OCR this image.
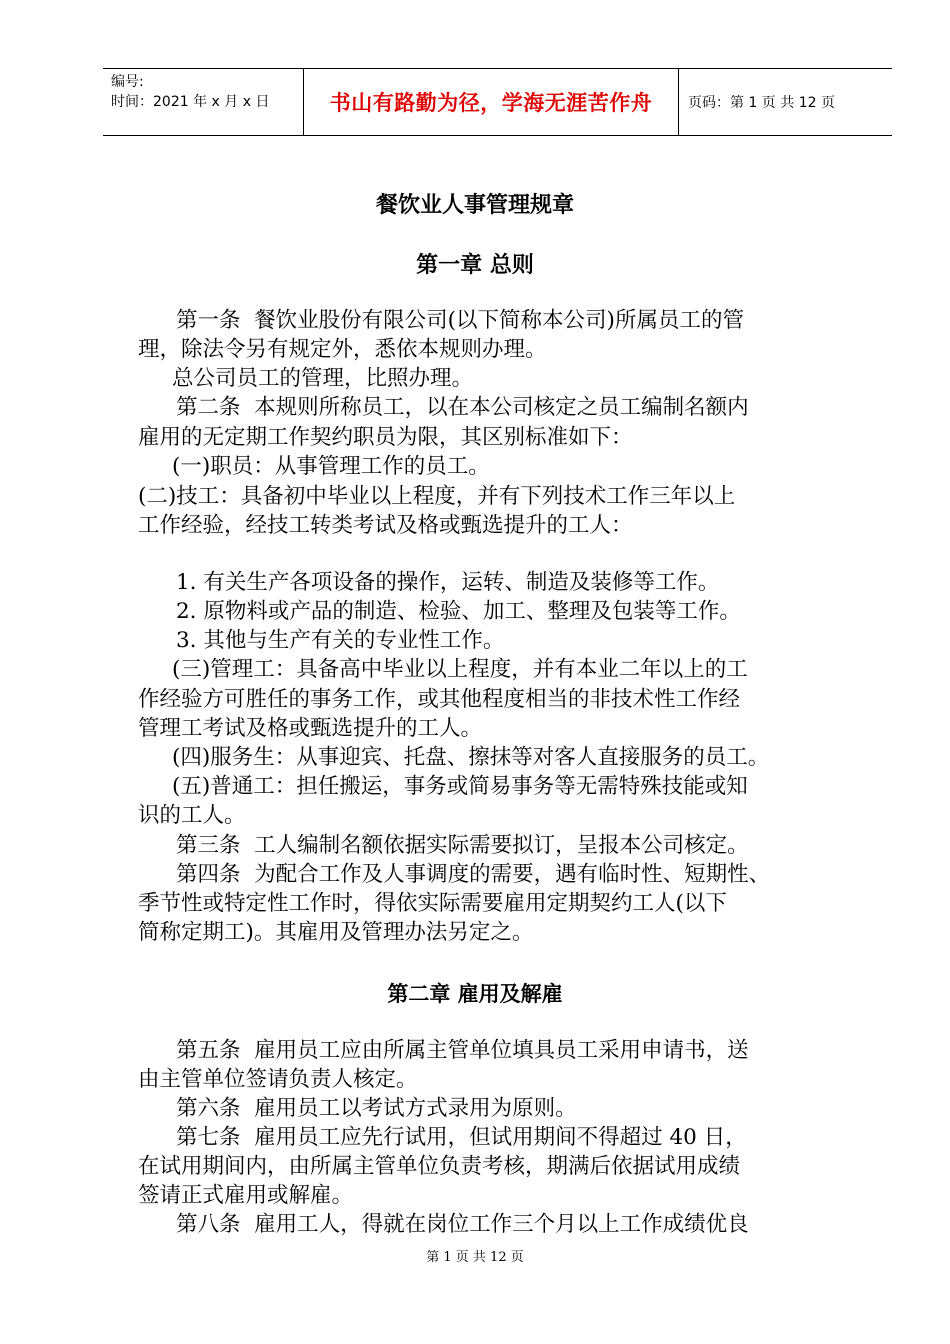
编号:
时间：2021 年 x 月 x 日	书山有路勤为径，学海无涯苦作舟	页码：第 1 页 共 12 页
餐饮业人事管理规章
第一章 总则
第一条  餐饮业股份有限公司(以下简称本公司)所属员工的管
理，除法令另有规定外，悉依本规则办理。
总公司员工的管理，比照办理。
第二条  本规则所称员工，以在本公司核定之员工编制名额内
雇用的无定期工作契约职员为限，其区别标准如下：
(一)职员：从事管理工作的员工。
(二)技工：具备初中毕业以上程度，并有下列技术工作三年以上
工作经验，经技工转类考试及格或甄选提升的工人：
1. 有关生产各项设备的操作，运转、制造及装修等工作。
2. 原物料或产品的制造、检验、加工、整理及包装等工作。
3. 其他与生产有关的专业性工作。
(三)管理工：具备高中毕业以上程度，并有本业二年以上的工
作经验方可胜任的事务工作，或其他程度相当的非技术性工作经
管理工考试及格或甄选提升的工人。
(四)服务生：从事迎宾、托盘、擦抹等对客人直接服务的员工。
(五)普通工：担任搬运，事务或简易事务等无需特殊技能或知
识的工人。
第三条  工人编制名额依据实际需要拟订，呈报本公司核定。
第四条  为配合工作及人事调度的需要，遇有临时性、短期性、
季节性或特定性工作时，得依实际需要雇用定期契约工人(以下
简称定期工)。其雇用及管理办法另定之。
第二章 雇用及解雇
第五条  雇用员工应由所属主管单位填具员工采用申请书，送
由主管单位签请负责人核定。
第六条  雇用员工以考试方式录用为原则。
第七条  雇用员工应先行试用，但试用期间不得超过 40 日，
在试用期间内，由所属主管单位负责考核，期满后依据试用成绩
签请正式雇用或解雇。
第八条  雇用工人，得就在岗位工作三个月以上工作成绩优良
第 1 页 共 12 页
